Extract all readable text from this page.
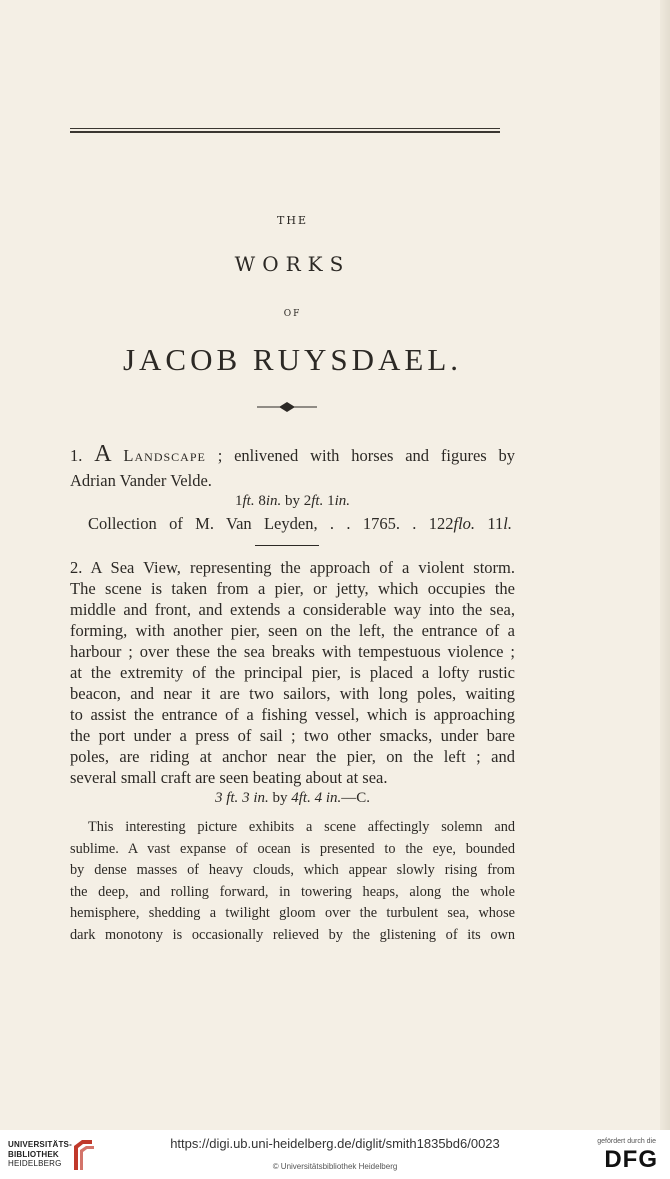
THE
WORKS
OF
JACOB RUYSDAEL.
1. A Landscape ; enlivened with horses and figures by
Adrian Vander Velde.
1ft. 8in. by 2ft. 1in.
Collection of M. Van Leyden, . . 1765. . 122flo. 11l.
2. A Sea View, representing the approach of a violent storm.
The scene is taken from a pier, or jetty, which occupies the
middle and front, and extends a considerable way into the sea,
forming, with another pier, seen on the left, the entrance of a
harbour ; over these the sea breaks with tempestuous violence ;
at the extremity of the principal pier, is placed a lofty rustic
beacon, and near it are two sailors, with long poles, waiting
to assist the entrance of a fishing vessel, which is approaching
the port under a press of sail ; two other smacks, under bare
poles, are riding at anchor near the pier, on the left ; and
several small craft are seen beating about at sea.
3 ft. 3 in. by 4ft. 4 in.—C.
This interesting picture exhibits a scene affectingly solemn and
sublime. A vast expanse of ocean is presented to the eye, bounded
by dense masses of heavy clouds, which appear slowly rising from
the deep, and rolling forward, in towering heaps, along the whole
hemisphere, shedding a twilight gloom over the turbulent sea, whose
dark monotony is occasionally relieved by the glistening of its own
UNIVERSITÄTS-
BIBLIOTHEK
HEIDELBERG
https://digi.ub.uni-heidelberg.de/diglit/smith1835bd6/0023
© Universitätsbibliothek Heidelberg
gefördert durch die
DFG
